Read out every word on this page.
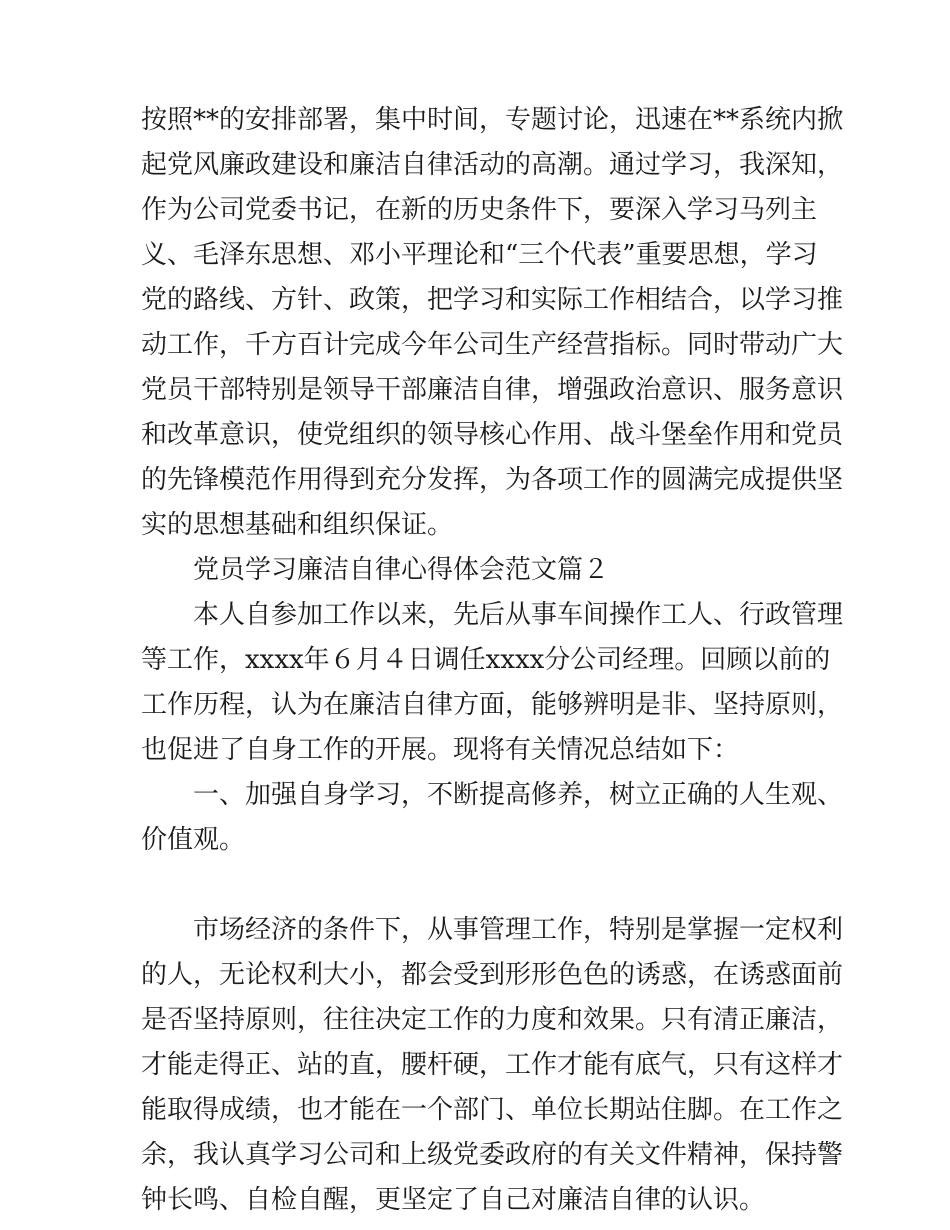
按照**的安排部署，集中时间，专题讨论，迅速在**系统内掀
起党风廉政建设和廉洁自律活动的高潮。通过学习，我深知，
作为公司党委书记，在新的历史条件下，要深入学习马列主
义、毛泽东思想、邓小平理论和“三个代表”重要思想，学习
党的路线、方针、政策，把学习和实际工作相结合，以学习推
动工作，千方百计完成今年公司生产经营指标。同时带动广大
党员干部特别是领导干部廉洁自律，增强政治意识、服务意识
和改革意识，使党组织的领导核心作用、战斗堡垒作用和党员
的先锋模范作用得到充分发挥，为各项工作的圆满完成提供坚
实的思想基础和组织保证。
党员学习廉洁自律心得体会范文篇２
本人自参加工作以来，先后从事车间操作工人、行政管理
等工作，xxxx年６月４日调任xxxx分公司经理。回顾以前的
工作历程，认为在廉洁自律方面，能够辨明是非、坚持原则，
也促进了自身工作的开展。现将有关情况总结如下：
一、加强自身学习，不断提高修养，树立正确的人生观、
价值观。
市场经济的条件下，从事管理工作，特别是掌握一定权利
的人，无论权利大小，都会受到形形色色的诱惑，在诱惑面前
是否坚持原则，往往决定工作的力度和效果。只有清正廉洁，
才能走得正、站的直，腰杆硬，工作才能有底气，只有这样才
能取得成绩，也才能在一个部门、单位长期站住脚。在工作之
余，我认真学习公司和上级党委政府的有关文件精神，保持警
钟长鸣、自检自醒，更坚定了自己对廉洁自律的认识。
